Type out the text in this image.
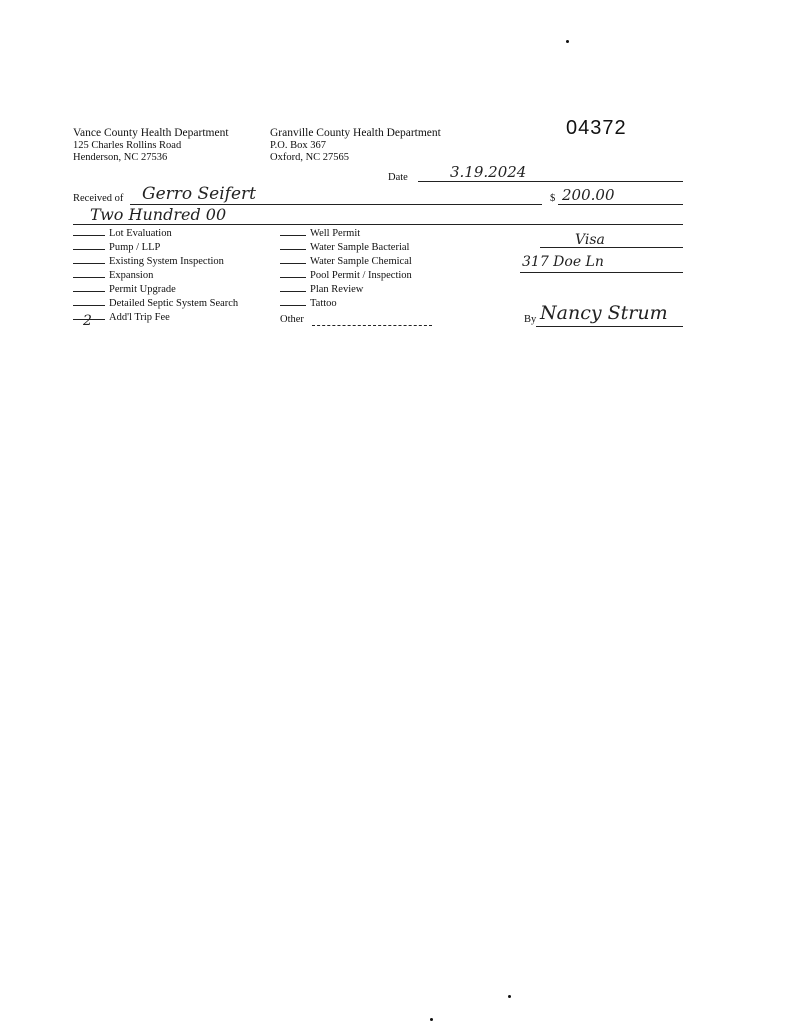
Vance County Health Department
125 Charles Rollins Road
Henderson, NC 27536
Granville County Health Department
P.O. Box 367
Oxford, NC 27565
04372
Date	3.19.2024
Received of Gerro Seifert	$ 200.00
Two Hundred 00
Lot Evaluation
Pump / LLP
Existing System Inspection
Expansion
Permit Upgrade
Detailed Septic System Search
2 Add'l Trip Fee
Well Permit
Water Sample Bacterial
Water Sample Chemical
Pool Permit / Inspection
Plan Review
Tattoo
Other
Visa
317 Doe Ln
By Nancy Strum
